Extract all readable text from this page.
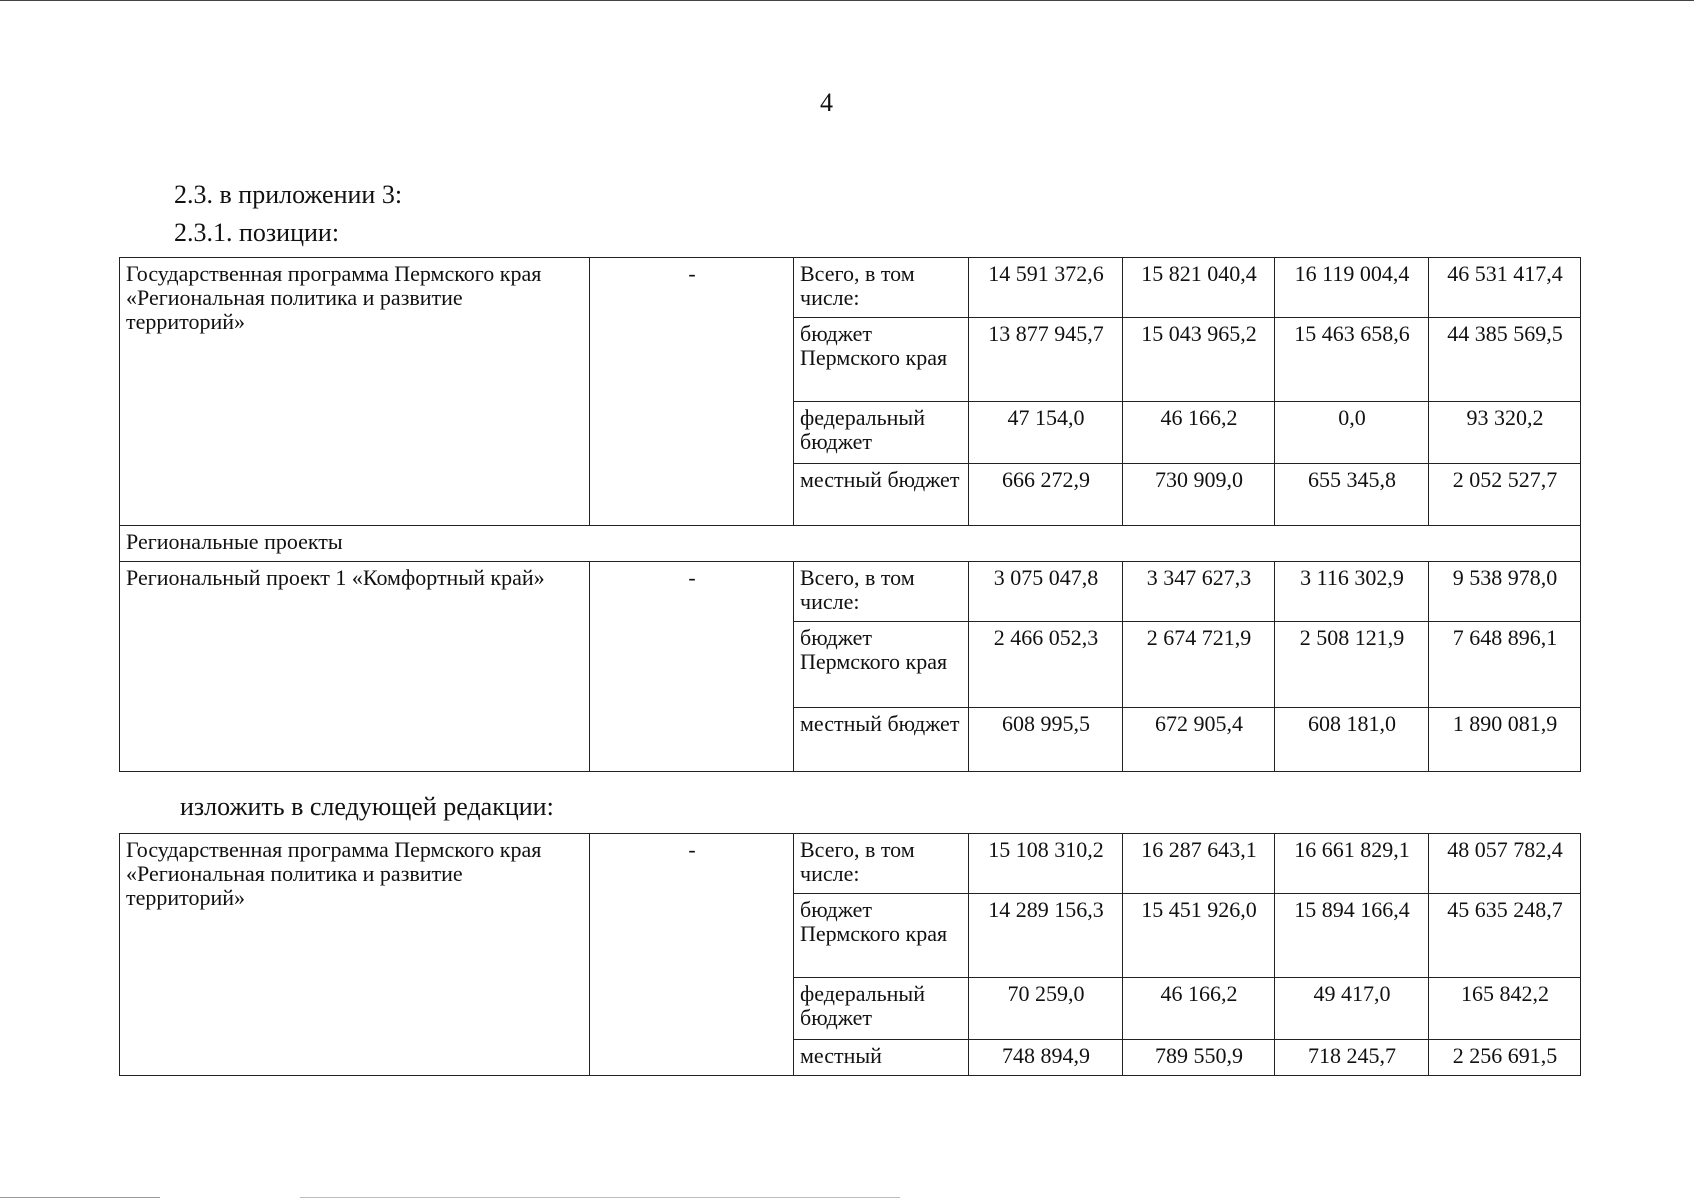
4
2.3. в приложении 3:
2.3.1. позиции:
Государственная программа Пермского края «Региональная политика и развитие территорий»	-	Всего, в том числе:	14 591 372,6	15 821 040,4	16 119 004,4	46 531 417,4
		бюджет Пермского края	13 877 945,7	15 043 965,2	15 463 658,6	44 385 569,5
		федеральный бюджет	47 154,0	46 166,2	0,0	93 320,2
		местный бюджет	666 272,9	730 909,0	655 345,8	2 052 527,7
Региональные проекты						
Региональный проект 1 «Комфортный край»	-	Всего, в том числе:	3 075 047,8	3 347 627,3	3 116 302,9	9 538 978,0
		бюджет Пермского края	2 466 052,3	2 674 721,9	2 508 121,9	7 648 896,1
		местный бюджет	608 995,5	672 905,4	608 181,0	1 890 081,9
изложить в следующей редакции:
Государственная программа Пермского края «Региональная политика и развитие территорий»	-	Всего, в том числе:	15 108 310,2	16 287 643,1	16 661 829,1	48 057 782,4
		бюджет Пермского края	14 289 156,3	15 451 926,0	15 894 166,4	45 635 248,7
		федеральный бюджет	70 259,0	46 166,2	49 417,0	165 842,2
		местный	748 894,9	789 550,9	718 245,7	2 256 691,5
